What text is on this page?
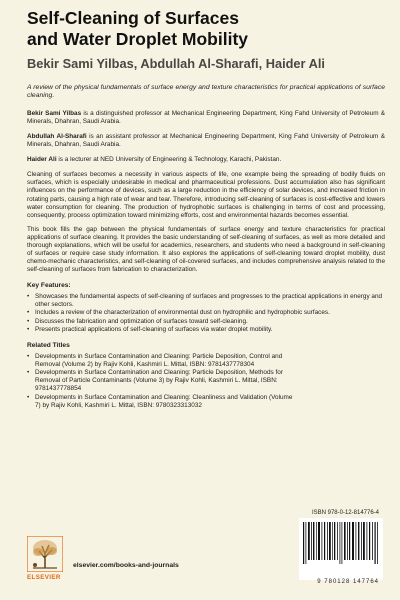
Self-Cleaning of Surfaces
and Water Droplet Mobility
Bekir Sami Yilbas, Abdullah Al-Sharafi, Haider Ali

A review of the physical fundamentals of surface energy and texture characteristics for practical applications of surface cleaning.

Bekir Sami Yilbas is a distinguished professor at Mechanical Engineering Department, King Fahd University of Petroleum & Minerals, Dhahran, Saudi Arabia.

Abdullah Al-Sharafi is an assistant professor at Mechanical Engineering Department, King Fahd University of Petroleum & Minerals, Dhahran, Saudi Arabia.

Haider Ali is a lecturer at NED University of Engineering & Technology, Karachi, Pakistan.

Cleaning of surfaces becomes a necessity in various aspects of life, one example being the spreading of bodily fluids on surfaces, which is especially undesirable in medical and pharmaceutical professions. Dust accumulation also has significant influences on the performance of devices, such as a large reduction in the efficiency of solar devices, and increased friction in rotating parts, causing a high rate of wear and tear. Therefore, introducing self-cleaning of surfaces is cost-effective and lowers water consumption for cleaning. The production of hydrophobic surfaces is challenging in terms of cost and processing, consequently, process optimization toward minimizing efforts, cost and environmental hazards becomes essential.

This book fills the gap between the physical fundamentals of surface energy and texture characteristics for practical applications of surface cleaning. It provides the basic understanding of self-cleaning of surfaces, as well as more detailed and thorough explanations, which will be useful for academics, researchers, and students who need a background in self-cleaning of surfaces or require case study information. It also explores the applications of self-cleaning toward droplet mobility, dust chemo-mechanic characteristics, and self-cleaning of oil-covered surfaces, and includes comprehensive analysis related to the self-cleaning of surfaces from fabrication to characterization.

Key Features:
• Showcases the fundamental aspects of self-cleaning of surfaces and progresses to the practical applications in energy and other sectors.
• Includes a review of the characterization of environmental dust on hydrophilic and hydrophobic surfaces.
• Discusses the fabrication and optimization of surfaces toward self-cleaning.
• Presents practical applications of self-cleaning of surfaces via water droplet mobility.
Related Titles
• Developments in Surface Contamination and Cleaning: Particle Deposition, Control and Removal (Volume 2) by Rajiv Kohli, Kashmiri L. Mittal, ISBN: 9781437778304
• Developments in Surface Contamination and Cleaning: Particle Deposition, Methods for Removal of Particle Contaminants (Volume 3) by Rajiv Kohli, Kashmiri L. Mittal, ISBN: 9781437778854
• Developments in Surface Contamination and Cleaning: Cleanliness and Validation (Volume 7) by Rajiv Kohli, Kashmiri L. Mittal, ISBN: 9780323313032
ELSEVIER
elsevier.com/books-and-journals
ISBN 978-0-12-814776-4
9 780128 147764
